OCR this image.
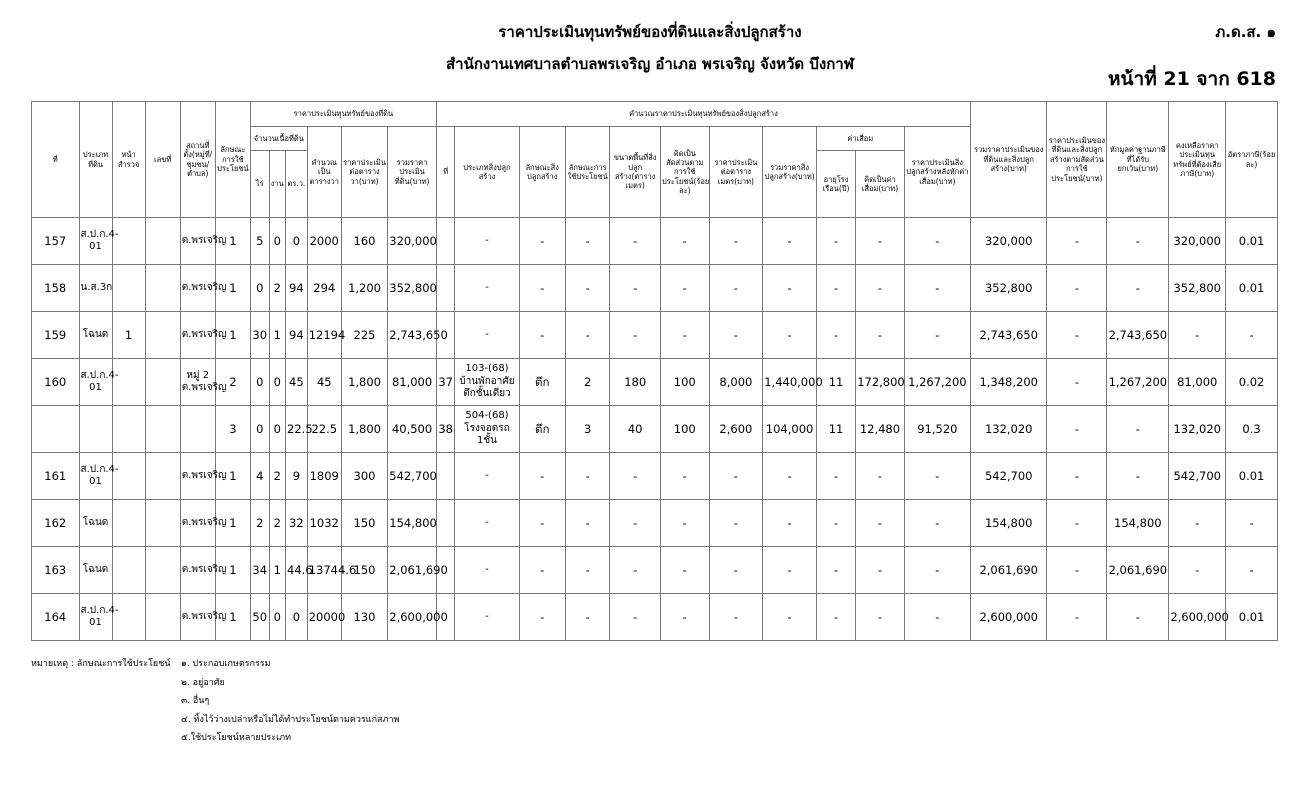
ราคาประเมินทุนทรัพย์ของที่ดินและสิ่งปลูกสร้าง
สำนักงานเทศบาลตำบลพรเจริญ อำเภอ พรเจริญ จังหวัด บึงกาฬ
ภ.ด.ส. ๑
หน้าที่ 21 จาก 618
ที่	ประเภทที่ดิน	หน้าสำรวจ	เลขที่	สถานที่ตั้ง(หมู่ที่/ชุมชน/ตำบล)	ลักษณะการใช้ประโยชน์	ราคาประเมินทุนทรัพย์ของที่ดิน						คำนวณราคาประเมินทุนทรัพย์ของสิ่งปลูกสร้าง											รวมราคาประเมินของที่ดินและสิ่งปลูกสร้าง(บาท)	ราคาประเมินของที่ดินและสิ่งปลูกสร้างตามสัดส่วนการใช้ประโยชน์(บาท)	หักมูลค่าฐานภาษีที่ได้รับยกเว้น(บาท)	คงเหลือราคาประเมินทุนทรัพย์ที่ต้องเสียภาษี(บาท)	อัตราภาษี(ร้อยละ)
						จำนวนเนื้อที่ดิน			คำนวณเป็นตารางวา	ราคาประเมินต่อตารางวา(บาท)	รวมราคาประเมินที่ดิน(บาท)	ที่	ประเภทสิ่งปลูกสร้าง	ลักษณะสิ่งปลูกสร้าง	ลักษณะการใช้ประโยชน์	ขนาดพื้นที่สิ่งปลูกสร้าง(ตารางเมตร)	คิดเป็นสัดส่วนตามการใช้ประโยชน์(ร้อยละ)	ราคาประเมินต่อตารางเมตร(บาท)	รวมราคาสิ่งปลูกสร้าง(บาท)	ค่าเสื่อม		ราคาประเมินสิ่งปลูกสร้างหลังหักค่าเสื่อม(บาท)					
						ไร่	งาน	ตร.ว.												อายุโรงเรือน(ปี)	คิดเป็นค่าเสื่อม(บาท)						
157	ส.ป.ก.4-01			ต.พรเจริญ	1	5	0	0	2000	160	320,000		-	-	-	-	-	-	-	-	-	-	320,000	-	-	320,000	0.01
158	น.ส.3ก			ต.พรเจริญ	1	0	2	94	294	1,200	352,800		-	-	-	-	-	-	-	-	-	-	352,800	-	-	352,800	0.01
159	โฉนด	1		ต.พรเจริญ	1	30	1	94	12194	225	2,743,650		-	-	-	-	-	-	-	-	-	-	2,743,650	-	2,743,650	-	-
160	ส.ป.ก.4-01			หมู่ 2 ต.พรเจริญ	2	0	0	45	45	1,800	81,000	37	103-(68) บ้านพักอาศัยตึกชั้นเดียว	ตึก	2	180	100	8,000	1,440,000	11	172,800	1,267,200	1,348,200	-	1,267,200	81,000	0.02
					3	0	0	22.5	22.5	1,800	40,500	38	504-(68) โรงจอดรถ 1ชั้น	ตึก	3	40	100	2,600	104,000	11	12,480	91,520	132,020	-	-	132,020	0.3
161	ส.ป.ก.4-01			ต.พรเจริญ	1	4	2	9	1809	300	542,700		-	-	-	-	-	-	-	-	-	-	542,700	-	-	542,700	0.01
162	โฉนด			ต.พรเจริญ	1	2	2	32	1032	150	154,800		-	-	-	-	-	-	-	-	-	-	154,800	-	154,800	-	-
163	โฉนด			ต.พรเจริญ	1	34	1	44.6	13744.6	150	2,061,690		-	-	-	-	-	-	-	-	-	-	2,061,690	-	2,061,690	-	-
164	ส.ป.ก.4-01			ต.พรเจริญ	1	50	0	0	20000	130	2,600,000		-	-	-	-	-	-	-	-	-	-	2,600,000	-	-	2,600,000	0.01
หมายเหตุ : ลักษณะการใช้ประโยชน์ ๑. ประกอบเกษตรกรรม
๒. อยู่อาศัย
๓. อื่นๆ
๔. ทิ้งไว้ว่างเปล่าหรือไม่ได้ทำประโยชน์ตามควรแก่สภาพ
๕.ใช้ประโยชน์หลายประเภท
